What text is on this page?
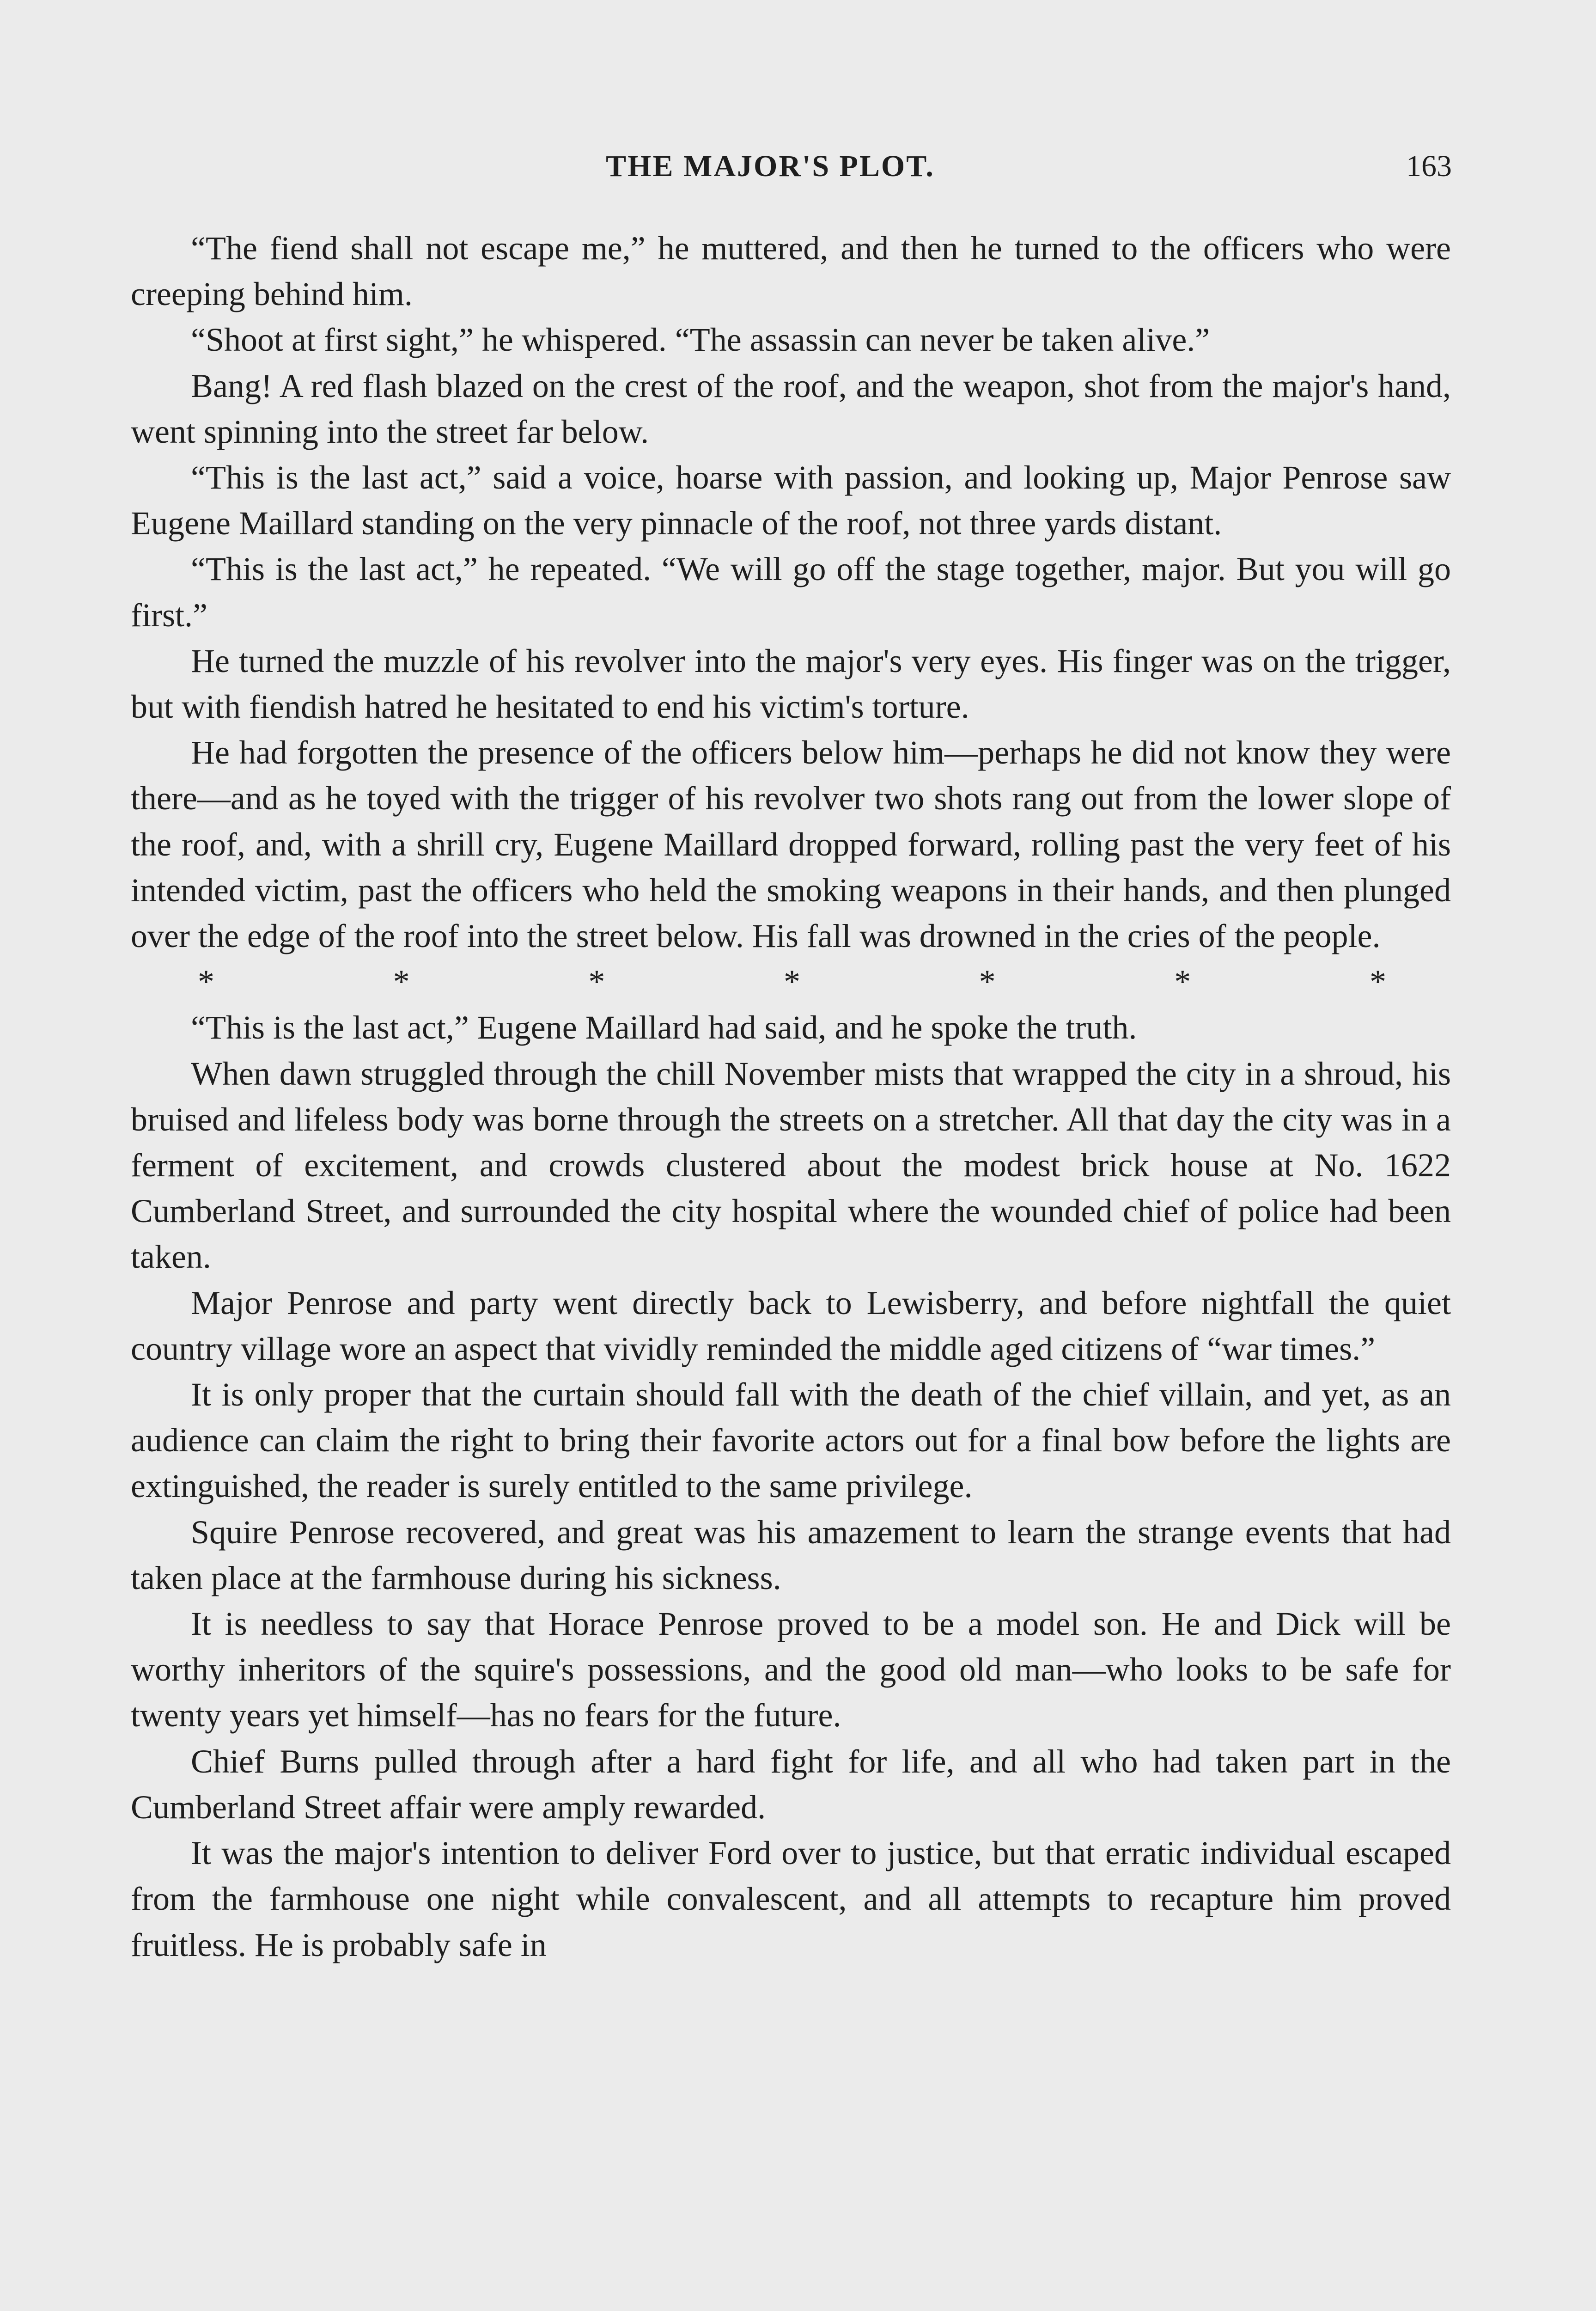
THE MAJOR'S PLOT.	163

“The fiend shall not escape me,” he muttered, and then he turned to the officers who were creeping behind him.

“Shoot at first sight,” he whispered. “The assassin can never be taken alive.”

Bang! A red flash blazed on the crest of the roof, and the weapon, shot from the major's hand, went spinning into the street far below.

“This is the last act,” said a voice, hoarse with passion, and looking up, Major Penrose saw Eugene Maillard standing on the very pinnacle of the roof, not three yards distant.

“This is the last act,” he repeated. “We will go off the stage together, major. But you will go first.”

He turned the muzzle of his revolver into the major's very eyes. His finger was on the trigger, but with fiendish hatred he hesitated to end his victim's torture.

He had forgotten the presence of the officers below him—perhaps he did not know they were there—and as he toyed with the trigger of his revolver two shots rang out from the lower slope of the roof, and, with a shrill cry, Eugene Maillard dropped forward, rolling past the very feet of his intended victim, past the officers who held the smoking weapons in their hands, and then plunged over the edge of the roof into the street below. His fall was drowned in the cries of the people.

*	*	*	*	*	*	*

“This is the last act,” Eugene Maillard had said, and he spoke the truth.

When dawn struggled through the chill November mists that wrapped the city in a shroud, his bruised and lifeless body was borne through the streets on a stretcher. All that day the city was in a ferment of excitement, and crowds clustered about the modest brick house at No. 1622 Cumberland Street, and surrounded the city hospital where the wounded chief of police had been taken.

Major Penrose and party went directly back to Lewisberry, and before nightfall the quiet country village wore an aspect that vividly reminded the middle aged citizens of “war times.”

It is only proper that the curtain should fall with the death of the chief villain, and yet, as an audience can claim the right to bring their favorite actors out for a final bow before the lights are extinguished, the reader is surely entitled to the same privilege.

Squire Penrose recovered, and great was his amazement to learn the strange events that had taken place at the farmhouse during his sickness.

It is needless to say that Horace Penrose proved to be a model son. He and Dick will be worthy inheritors of the squire's possessions, and the good old man—who looks to be safe for twenty years yet himself—has no fears for the future.

Chief Burns pulled through after a hard fight for life, and all who had taken part in the Cumberland Street affair were amply rewarded.

It was the major's intention to deliver Ford over to justice, but that erratic individual escaped from the farmhouse one night while convalescent, and all attempts to recapture him proved fruitless. He is probably safe in
